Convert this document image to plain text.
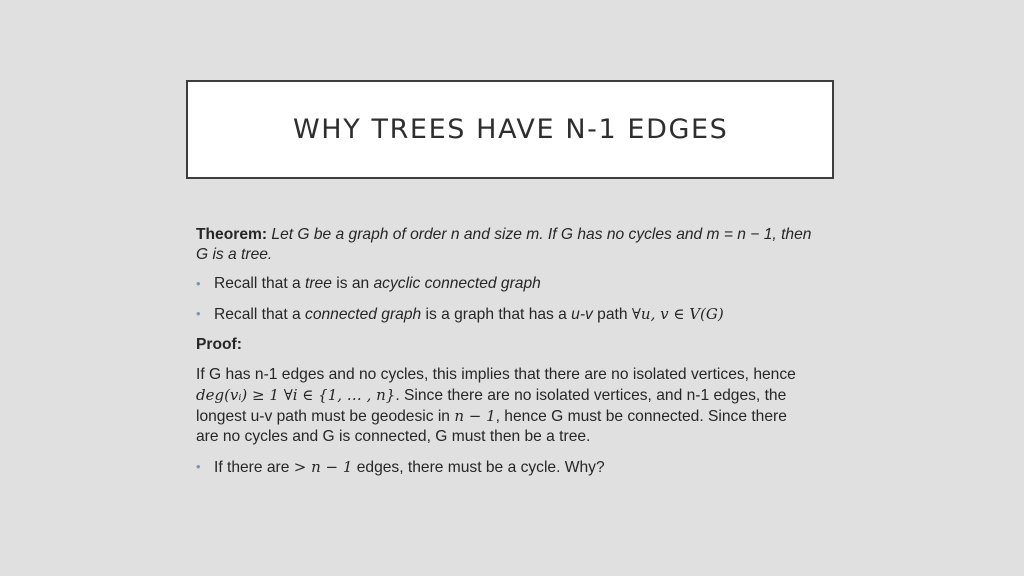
WHY TREES HAVE N-1 EDGES
Theorem: Let G be a graph of order n and size m. If G has no cycles and m = n − 1, then
G is a tree.
• Recall that a tree is an acyclic connected graph
• Recall that a connected graph is a graph that has a u-v path ∀u, v ∈ V(G)
Proof:
If G has n-1 edges and no cycles, this implies that there are no isolated vertices, hence
deg(vᵢ) ≥ 1 ∀i ∈ {1, … , n}. Since there are no isolated vertices, and n-1 edges, the
longest u-v path must be geodesic in n − 1, hence G must be connected. Since there
are no cycles and G is connected, G must then be a tree.
• If there are > n − 1 edges, there must be a cycle. Why?
